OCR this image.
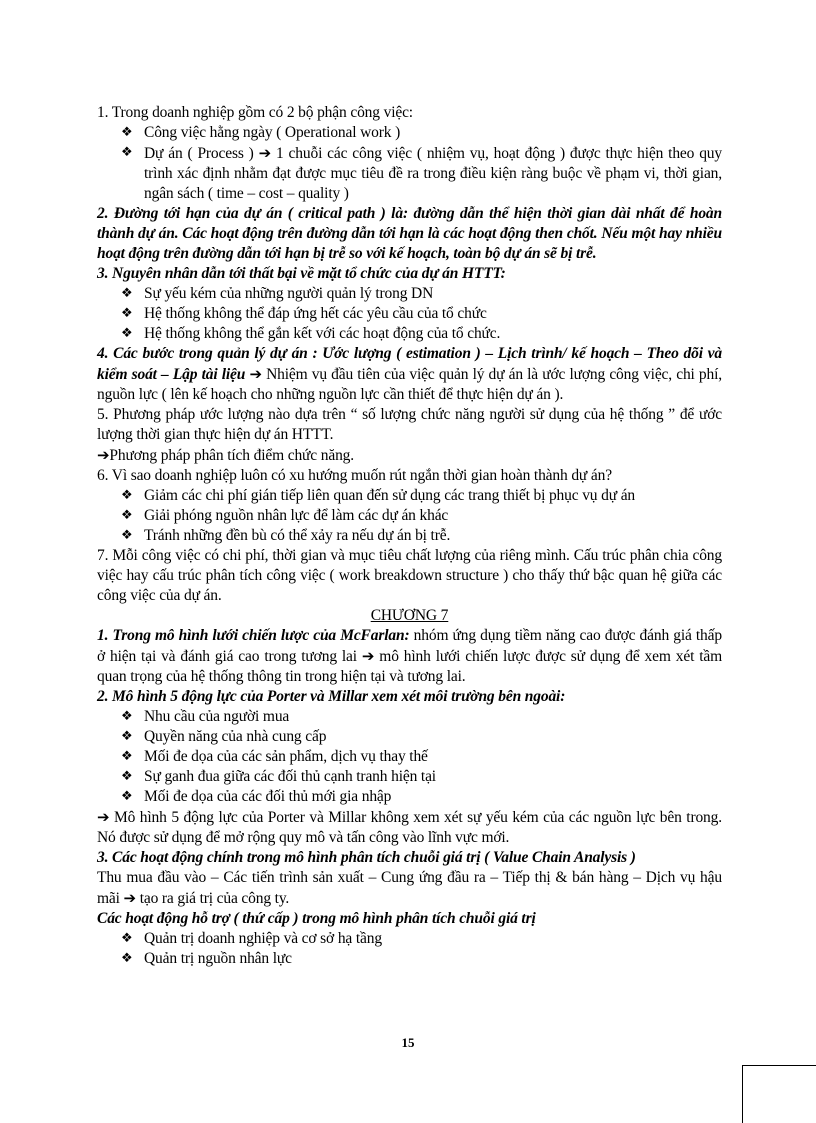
1. Trong doanh nghiệp gồm có 2 bộ phận công việc:

❖ Công việc hằng ngày ( Operational work )
❖ Dự án ( Process ) ➔ 1 chuỗi các công việc ( nhiệm vụ, hoạt động ) được thực hiện theo quy trình xác định nhằm đạt được mục tiêu đề ra trong điều kiện ràng buộc về phạm vi, thời gian, ngân sách ( time – cost – quality )

2. Đường tới hạn của dự án ( critical path ) là: đường dẫn thể hiện thời gian dài nhất để hoàn thành dự án. Các hoạt động trên đường dẫn tới hạn là các hoạt động then chốt. Nếu một hay nhiều hoạt động trên đường dẫn tới hạn bị trễ so với kế hoạch, toàn bộ dự án sẽ bị trễ.

3. Nguyên nhân dẫn tới thất bại về mặt tổ chức của dự án HTTT:

❖ Sự yếu kém của những người quản lý trong DN
❖ Hệ thống không thể đáp ứng hết các yêu cầu của tổ chức
❖ Hệ thống không thể gắn kết với các hoạt động của tổ chức.

4. Các bước trong quản lý dự án : Ước lượng ( estimation ) – Lịch trình/ kế hoạch – Theo dõi và kiểm soát – Lập tài liệu ➔ Nhiệm vụ đầu tiên của việc quản lý dự án là ước lượng công việc, chi phí, nguồn lực ( lên kế hoạch cho những nguồn lực cần thiết để thực hiện dự án ).

5. Phương pháp ước lượng nào dựa trên “ số lượng chức năng người sử dụng của hệ thống ” để ước lượng thời gian thực hiện dự án HTTT.

➔Phương pháp phân tích điểm chức năng.

6. Vì sao doanh nghiệp luôn có xu hướng muốn rút ngắn thời gian hoàn thành dự án?

❖ Giảm các chi phí gián tiếp liên quan đến sử dụng các trang thiết bị phục vụ dự án
❖ Giải phóng nguồn nhân lực để làm các dự án khác
❖ Tránh những đền bù có thể xảy ra nếu dự án bị trễ.

7. Mỗi công việc có chi phí, thời gian và mục tiêu chất lượng của riêng mình. Cấu trúc phân chia công việc hay cấu trúc phân tích công việc ( work breakdown structure ) cho thấy thứ bậc quan hệ giữa các công việc của dự án.

CHƯƠNG 7

1. Trong mô hình lưới chiến lược của McFarlan: nhóm ứng dụng tiềm năng cao được đánh giá thấp ở hiện tại và đánh giá cao trong tương lai ➔ mô hình lưới chiến lược được sử dụng để xem xét tầm quan trọng của hệ thống thông tin trong hiện tại và tương lai.

2. Mô hình 5 động lực của Porter và Millar xem xét môi trường bên ngoài:

❖ Nhu cầu của người mua
❖ Quyền năng của nhà cung cấp
❖ Mối đe dọa của các sản phẩm, dịch vụ thay thế
❖ Sự ganh đua giữa các đối thủ cạnh tranh hiện tại
❖ Mối đe dọa của các đối thủ mới gia nhập

➔ Mô hình 5 động lực của Porter và Millar không xem xét sự yếu kém của các nguồn lực bên trong. Nó được sử dụng để mở rộng quy mô và tấn công vào lĩnh vực mới.

3. Các hoạt động chính trong mô hình phân tích chuỗi giá trị ( Value Chain Analysis )

Thu mua đầu vào – Các tiến trình sản xuất – Cung ứng đầu ra – Tiếp thị & bán hàng – Dịch vụ hậu mãi ➔ tạo ra giá trị của công ty.

Các hoạt động hỗ trợ ( thứ cấp ) trong mô hình phân tích chuỗi giá trị

❖ Quản trị doanh nghiệp và cơ sở hạ tầng
❖ Quản trị nguồn nhân lực
15
